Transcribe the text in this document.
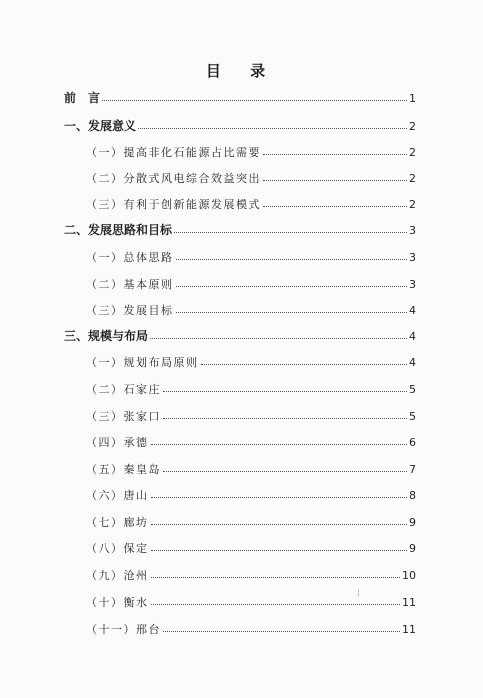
目 录
前　言	1
一、发展意义	2
（一）提高非化石能源占比需要	2
（二）分散式风电综合效益突出	2
（三）有利于创新能源发展模式	2
二、发展思路和目标	3
（一）总体思路	3
（二）基本原则	3
（三）发展目标	4
三、规模与布局	4
（一）规划布局原则	4
（二）石家庄	5
（三）张家口	5
（四）承德	6
（五）秦皇岛	7
（六）唐山	8
（七）廊坊	9
（八）保定	9
（九）沧州	10
（十）衡水	11
（十一）邢台	11
¦
